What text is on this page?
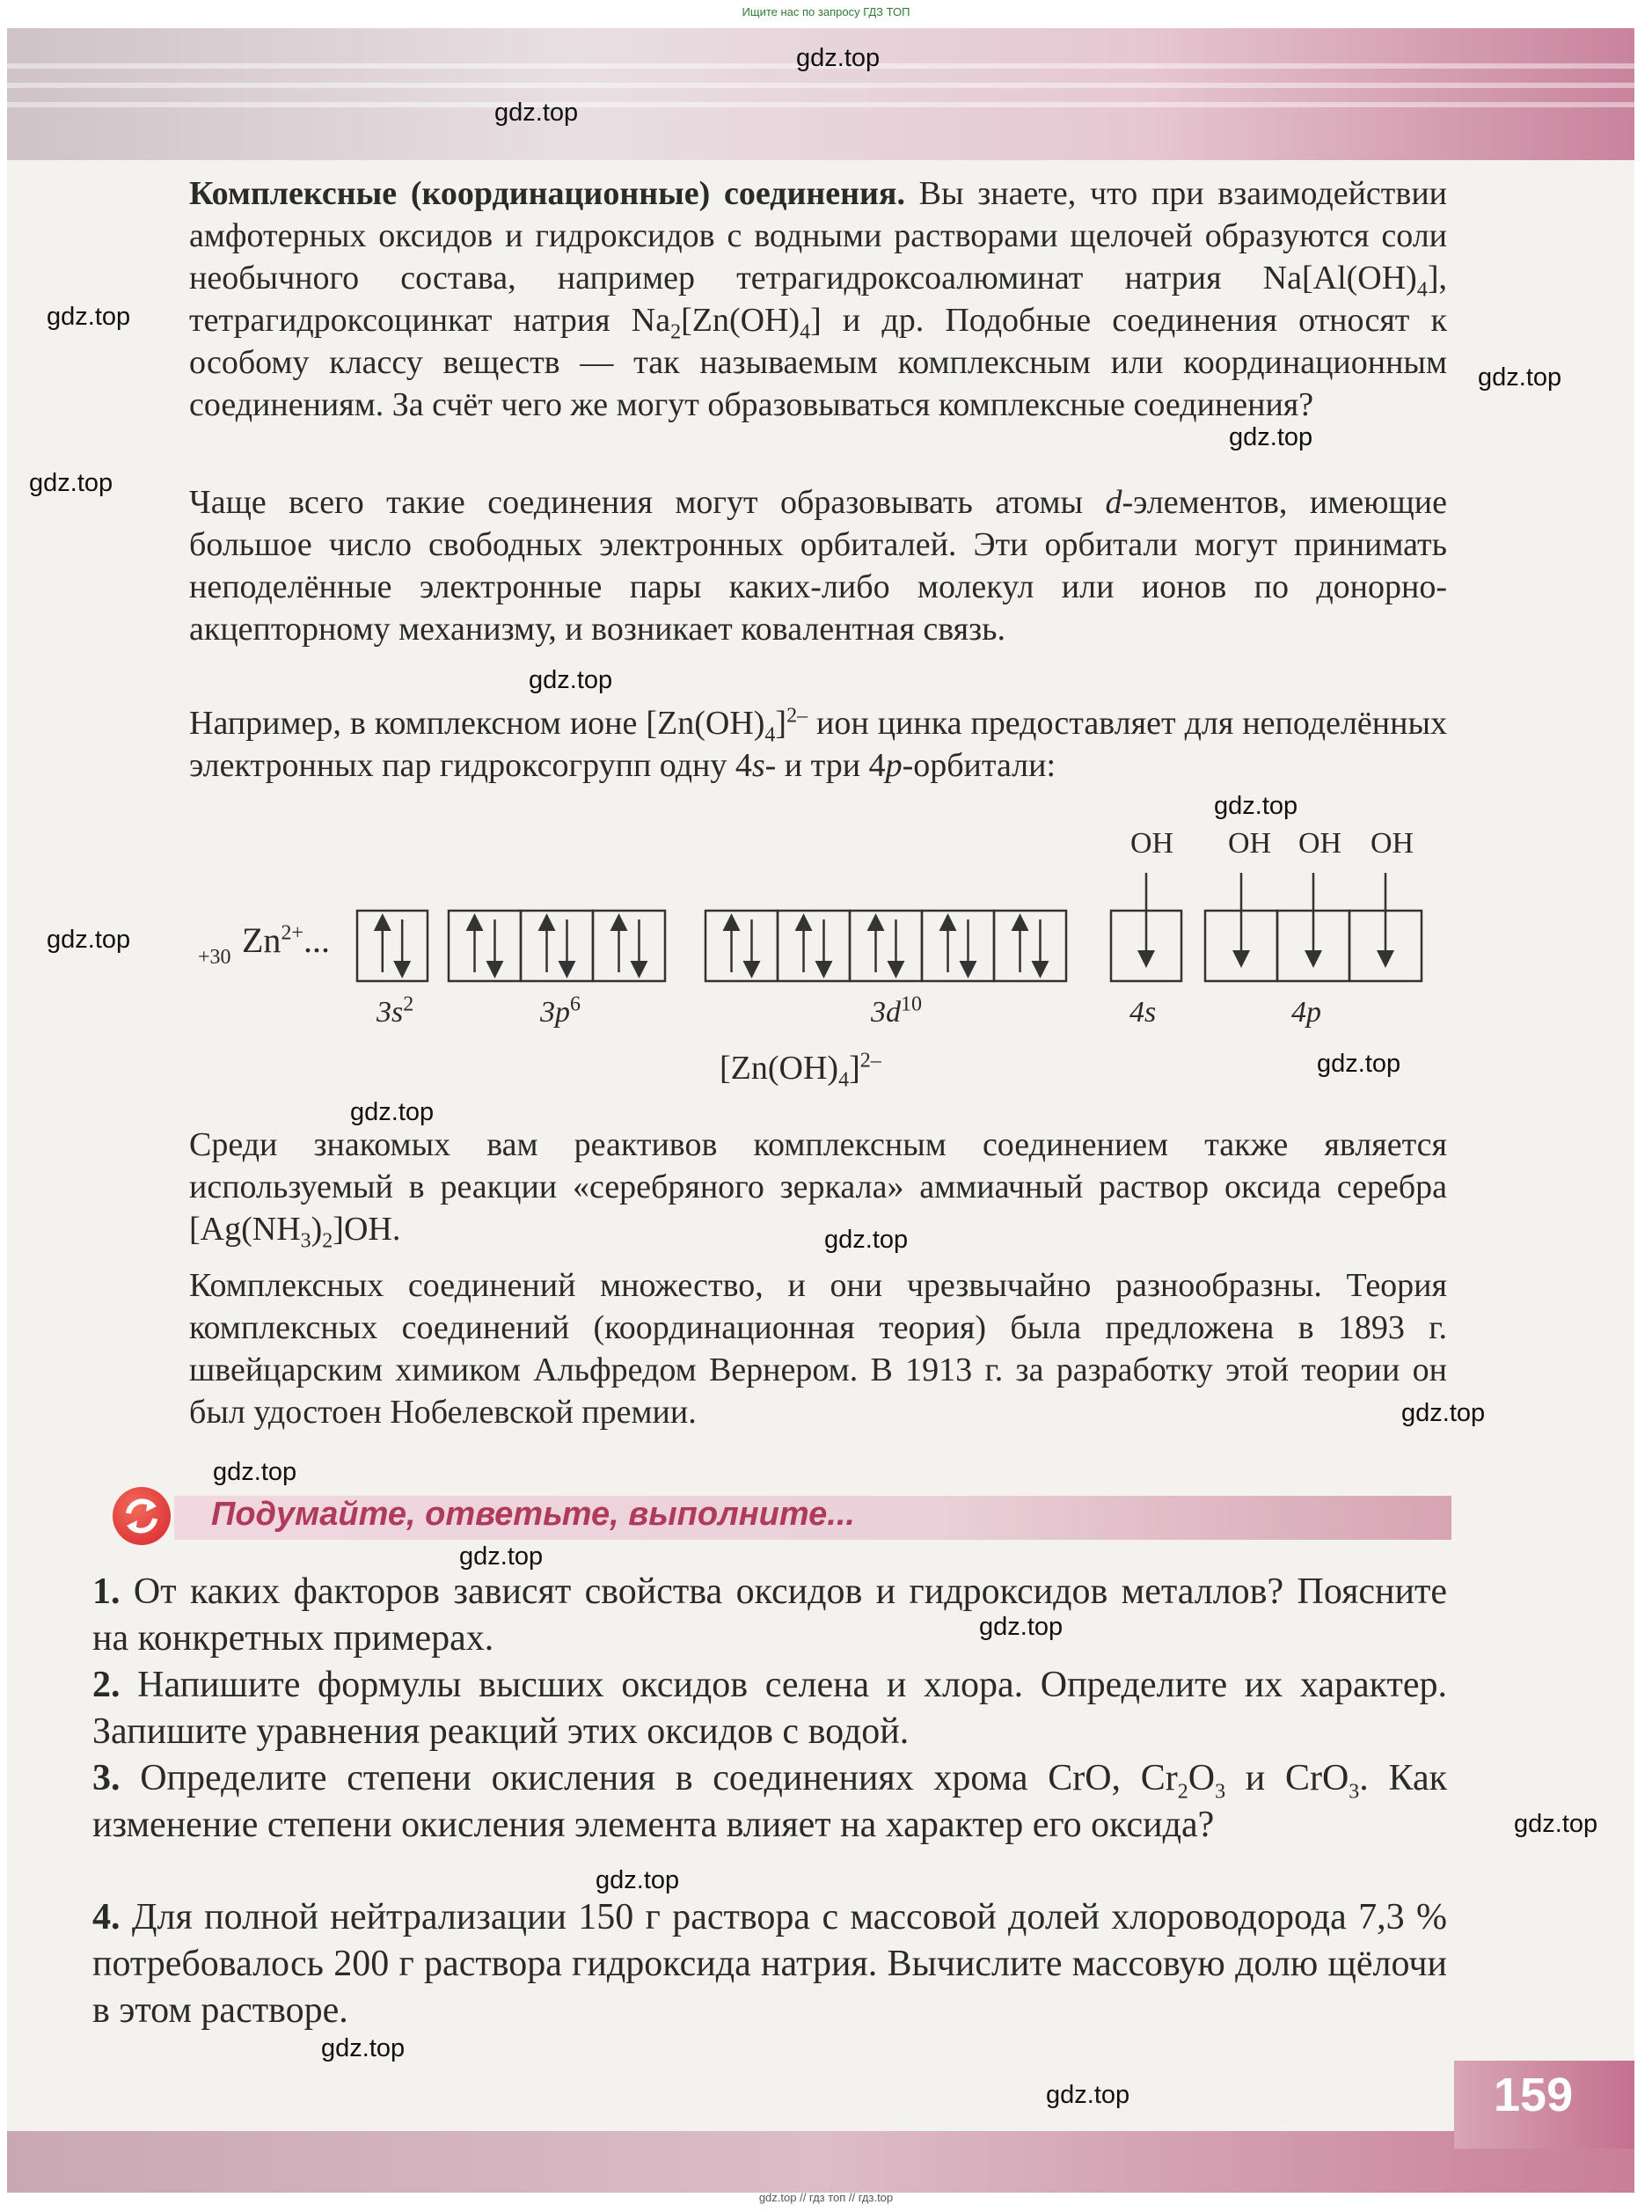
Ищите нас по запросу ГДЗ ТОП
159

Комплексные (координационные) соединения. Вы знаете, что при взаимодействии амфотерных оксидов и гидроксидов с водными растворами щелочей образуются соли необычного состава, например тетрагидроксоалюминат натрия $Na[Al(OH)_4]$, тетрагидроксоцинкат натрия $Na_2[Zn(OH)_4]$ и др. Подобные соединения относят к особому классу веществ — так называемым комплексным или координационным соединениям. За счёт чего же могут образовываться комплексные соединения?

Чаще всего такие соединения могут образовывать атомы d-элементов, имеющие большое число свободных электронных орбиталей. Эти орбитали могут принимать неподелённые электронные пары каких-либо молекул или ионов по донорно-акцепторному механизму, и возникает ковалентная связь.

Например, в комплексном ионе $[Zn(OH)_4]^{2-}$ ион цинка предоставляет для неподелённых электронных пар гидроксогрупп одну 4s- и три 4p-орбитали:

+30 $Zn^{2+}$...
ОН ОН ОН ОН
$3s^2$	$3p^6$	$3d^{10}$	4s	4p
$[Zn(OH)_4]^{2-}$

Среди знакомых вам реактивов комплексным соединением также является используемый в реакции «серебряного зеркала» аммиачный раствор оксида серебра $[Ag(NH_3)_2]OH$.

Комплексных соединений множество, и они чрезвычайно разнообразны. Теория комплексных соединений (координационная теория) была предложена в 1893 г. швейцарским химиком Альфредом Вернером. В 1913 г. за разработку этой теории он был удостоен Нобелевской премии.

Подумайте, ответьте, выполните...

1. От каких факторов зависят свойства оксидов и гидроксидов металлов? Поясните на конкретных примерах.

2. Напишите формулы высших оксидов селена и хлора. Определите их характер. Запишите уравнения реакций этих оксидов с водой.

3. Определите степени окисления в соединениях хрома CrO, $Cr_2O_3$ и CrO$_3$. Как изменение степени окисления элемента влияет на характер его оксида?

4. Для полной нейтрализации 150 г раствора с массовой долей хлороводорода 7,3 % потребовалось 200 г раствора гидроксида натрия. Вычислите массовую долю щёлочи в этом растворе.

gdz.top
gdz.top
gdz.top
gdz.top
gdz.top
gdz.top
gdz.top
gdz.top
gdz.top
gdz.top
gdz.top
gdz.top
gdz.top
gdz.top
gdz.top
gdz.top
gdz.top
gdz.top
gdz.top
gdz.top
gdz.top // гдз топ // гдз.top
